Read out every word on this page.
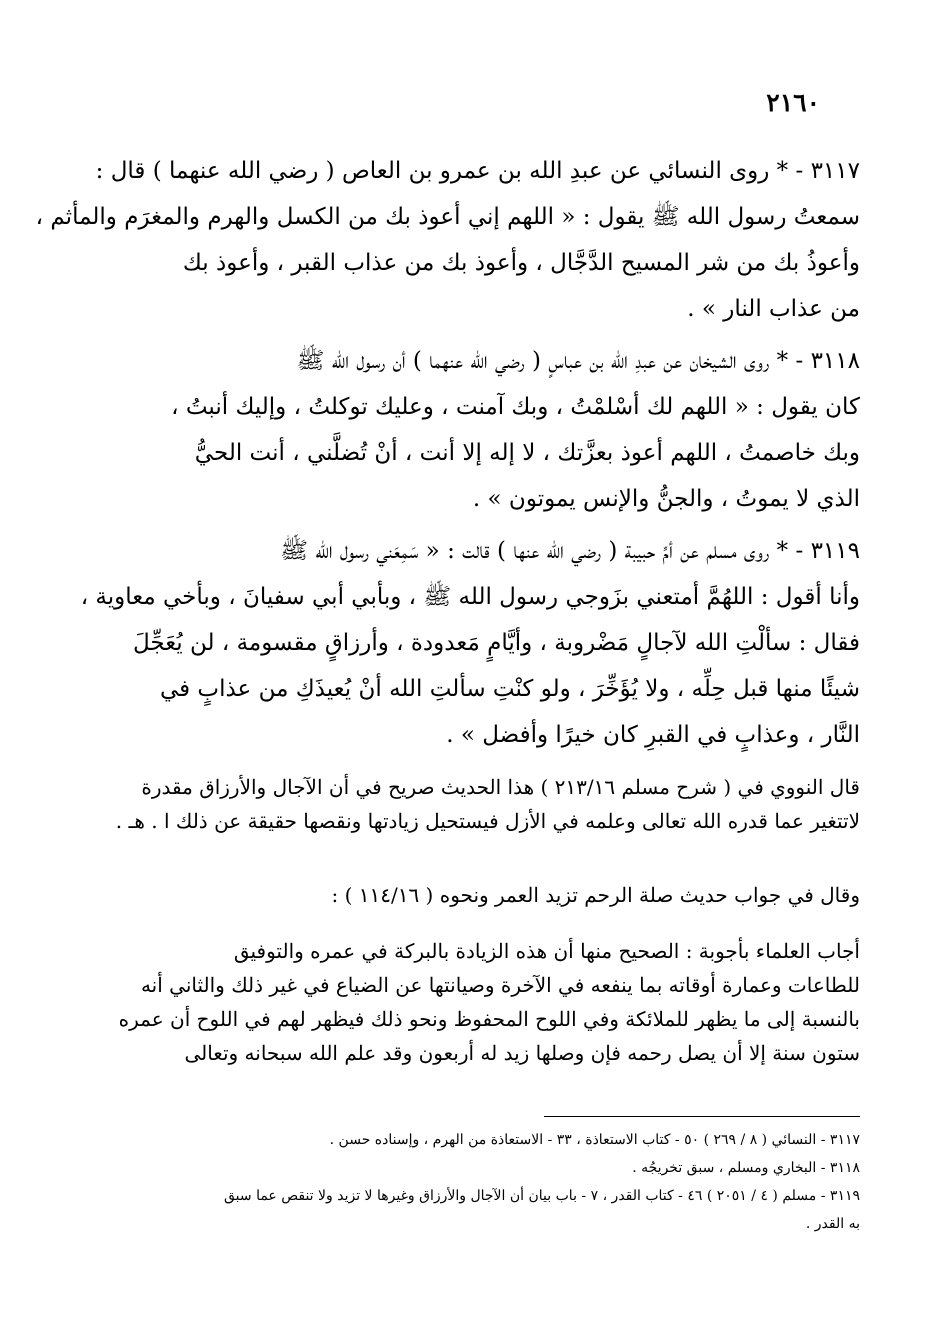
٢١٦٠
٣١١٧ - * روى النسائي عن عبدِ الله بن عمرو بن العاص ( رضي الله عنهما ) قال :
سمعتُ رسول الله ﷺ يقول : « اللهم إني أعوذ بك من الكسل والهرم والمغرَم والمأثم ،
وأعوذُ بك من شر المسيح الدَّجَّال ، وأعوذ بك من عذاب القبر ، وأعوذ بك
من عذاب النار » .
٣١١٨ - * روى الشيخان عن عبدِ الله بن عباسٍ ( رضي الله عنهما ) أن رسول الله ﷺ
كان يقول : « اللهم لك أسْلمْتُ ، وبك آمنت ، وعليك توكلتُ ، وإليك أنبتُ ،
وبك خاصمتُ ، اللهم أعوذ بعزَّتك ، لا إله إلا أنت ، أنْ تُضلَّني ، أنت الحيُّ
الذي لا يموتُ ، والجنُّ والإنس يموتون » .
٣١١٩ - * روى مسلم عن أمِّ حبيبة ( رضي الله عنها ) قالت : « سَمِعَني رسول الله ﷺ
وأنا أقول : اللهُمَّ أمتعني بزَوجي رسول الله ﷺ ، وبأبي أبي سفيانَ ، وبأخي معاوية ،
فقال : سألْتِ الله لآجالٍ مَضْروبة ، وأيَّامٍ مَعدودة ، وأرزاقٍ مقسومة ، لن يُعَجِّلَ
شيئًا منها قبل حِلِّه ، ولا يُؤَخِّرَ ، ولو كنْتِ سألتِ الله أنْ يُعيذَكِ من عذابٍ في
النَّار ، وعذابٍ في القبرِ كان خيرًا وأفضل » .
قال النووي في ( شرح مسلم ٢١٣/١٦ ) هذا الحديث صريح في أن الآجال والأرزاق مقدرة
لاتتغير عما قدره الله تعالى وعلمه في الأزل فيستحيل زيادتها ونقصها حقيقة عن ذلك ا . هـ .
وقال في جواب حديث صلة الرحم تزيد العمر ونحوه ( ١١٤/١٦ ) :
أجاب العلماء بأجوبة : الصحيح منها أن هذه الزيادة بالبركة في عمره والتوفيق
للطاعات وعمارة أوقاته بما ينفعه في الآخرة وصيانتها عن الضياع في غير ذلك والثاني أنه
بالنسبة إلى ما يظهر للملائكة وفي اللوح المحفوظ ونحو ذلك فيظهر لهم في اللوح أن عمره
ستون سنة إلا أن يصل رحمه فإن وصلها زيد له أربعون وقد علم الله سبحانه وتعالى
٣١١٧ - النسائي ( ٨ / ٢٦٩ ) ٥٠ - كتاب الاستعاذة ، ٣٣ - الاستعاذة من الهرم ، وإسناده حسن .
٣١١٨ - البخاري ومسلم ، سبق تخريجُه .
٣١١٩ - مسلم ( ٤ / ٢٠٥١ ) ٤٦ - كتاب القدر ، ٧ - باب بيان أن الآجال والأرزاق وغيرها لا تزيد ولا تنقص عما سبق
به القدر .
